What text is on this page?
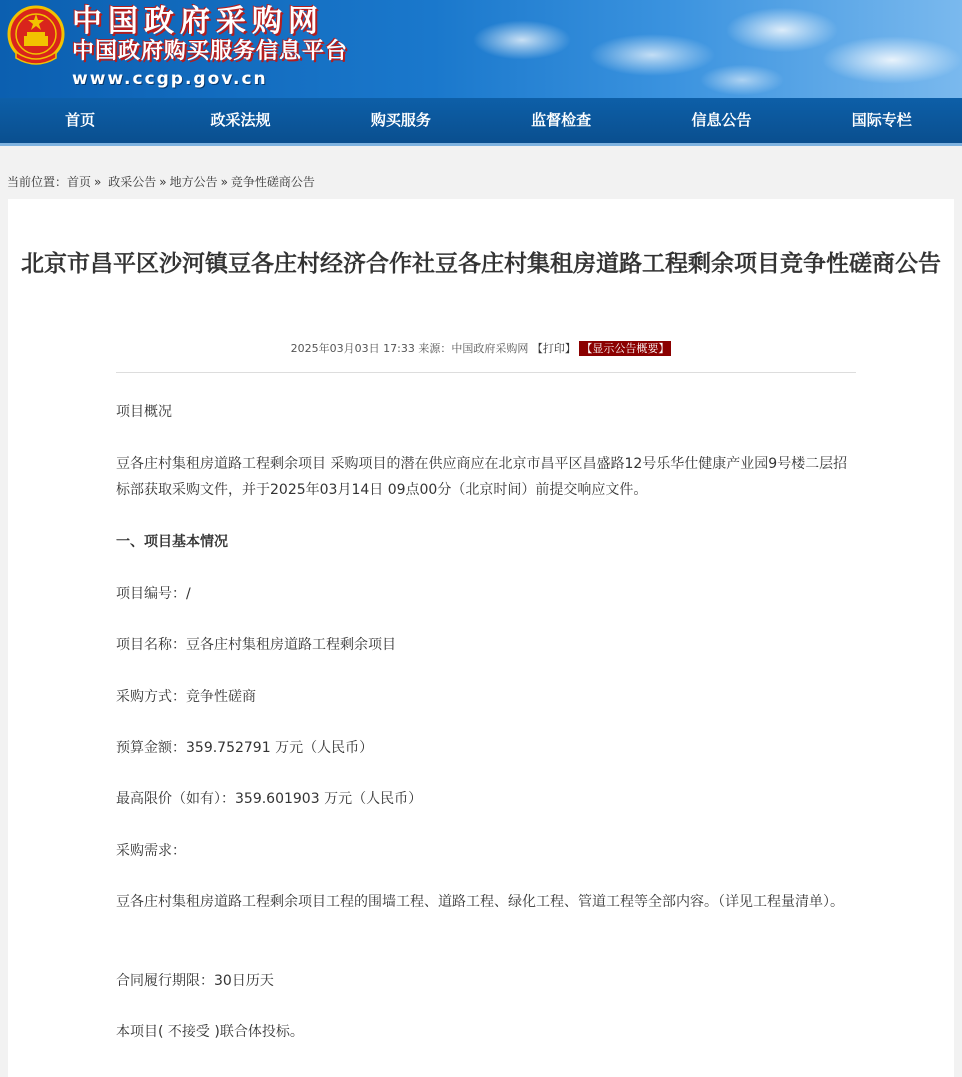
中国政府采购网
中国政府购买服务信息平台
www.ccgp.gov.cn
首页	政采法规	购买服务	监督检查	信息公告	国际专栏
当前位置：首页 » 政采公告 » 地方公告 » 竞争性磋商公告
北京市昌平区沙河镇豆各庄村经济合作社豆各庄村集租房道路工程剩余项目竞争性磋商公告
2025年03月03日 17:33 来源：中国政府采购网 【打印】 【显示公告概要】

项目概况

豆各庄村集租房道路工程剩余项目 采购项目的潜在供应商应在北京市昌平区昌盛路12号乐华仕健康产业园9号楼二层招标部获取采购文件，并于2025年03月14日 09点00分（北京时间）前提交响应文件。

一、项目基本情况

项目编号：/

项目名称：豆各庄村集租房道路工程剩余项目

采购方式：竞争性磋商

预算金额：359.752791 万元（人民币）

最高限价（如有）：359.601903 万元（人民币）

采购需求：

豆各庄村集租房道路工程剩余项目工程的围墙工程、道路工程、绿化工程、管道工程等全部内容。（详见工程量清单）。

合同履行期限：30日历天

本项目( 不接受 )联合体投标。
